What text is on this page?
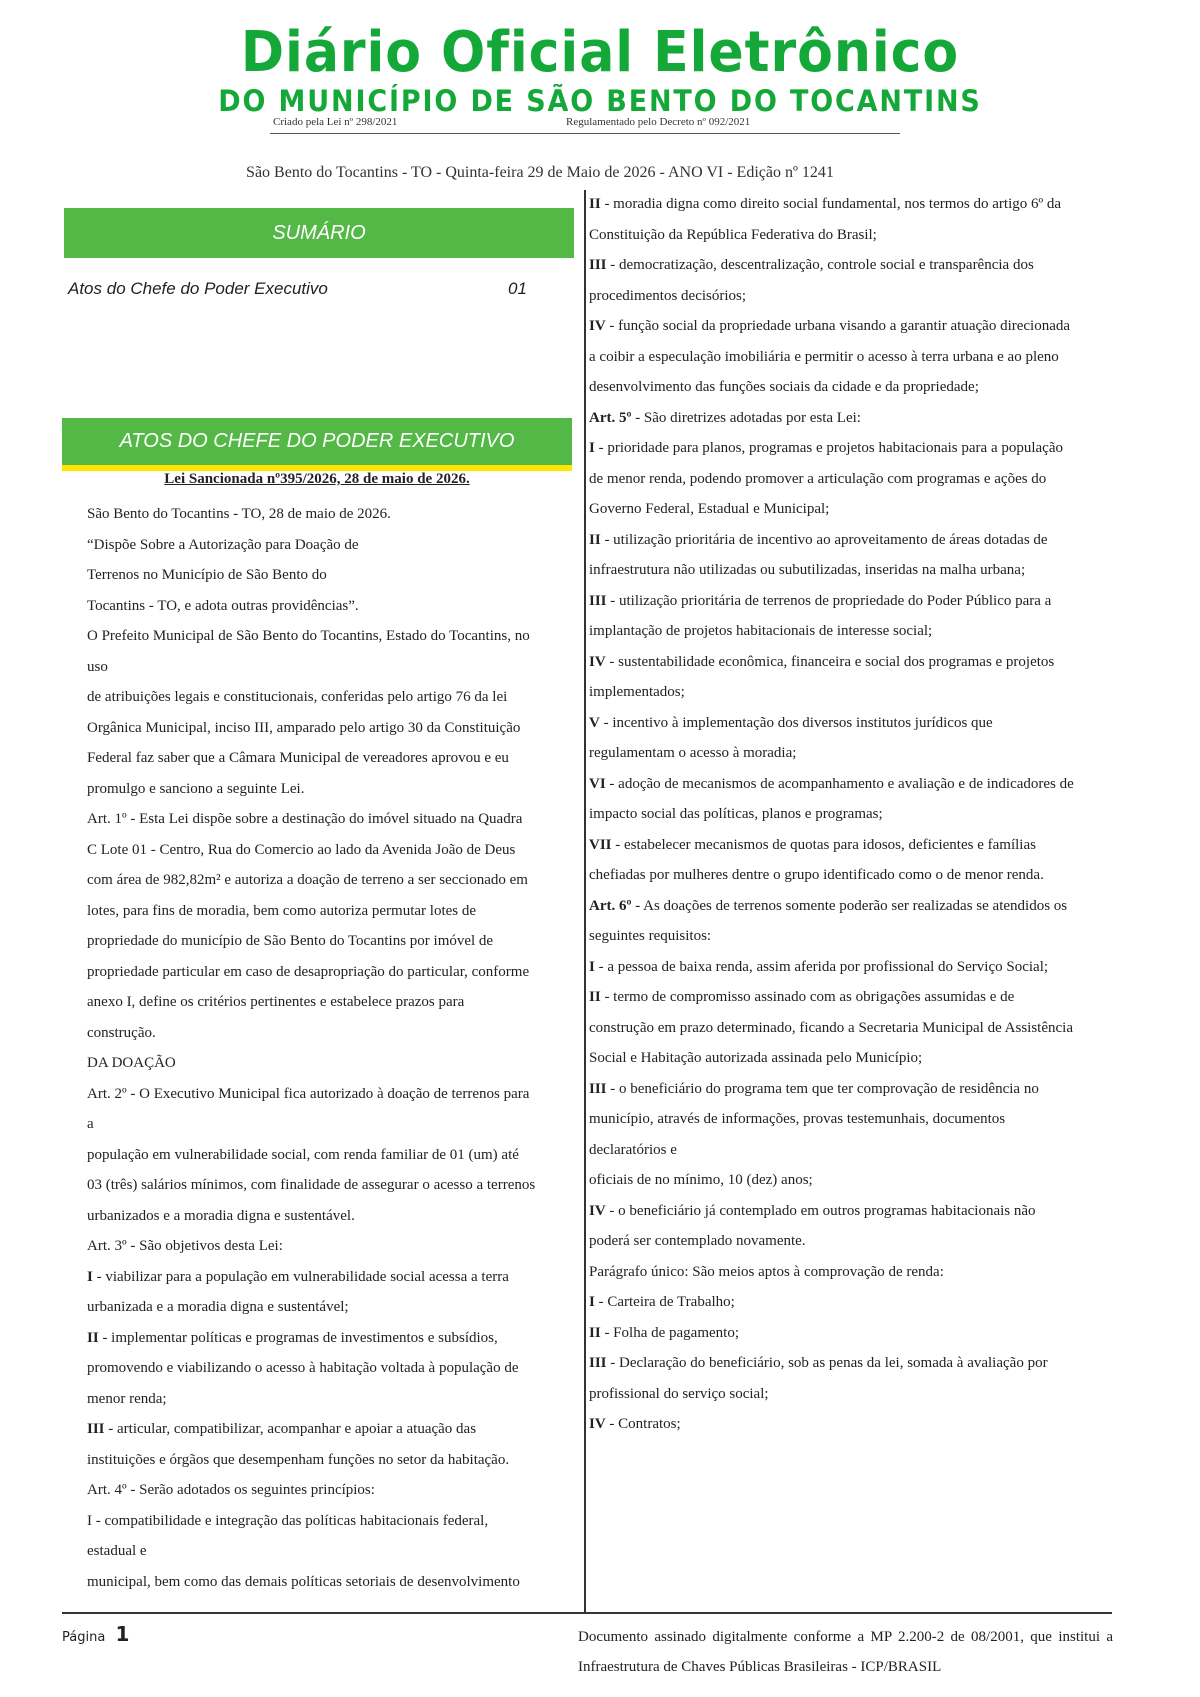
Diário Oficial Eletrônico
DO MUNICÍPIO DE SÃO BENTO DO TOCANTINS
Criado pela Lei nº 298/2021	Regulamentado pelo Decreto nº 092/2021
São Bento do Tocantins - TO - Quinta-feira 29 de Maio de 2026 - ANO VI - Edição nº 1241
SUMÁRIO
Atos do Chefe do Poder Executivo	01
ATOS DO CHEFE DO PODER EXECUTIVO
Lei Sancionada nº395/2026, 28 de maio de 2026.
São Bento do Tocantins - TO, 28 de maio de 2026.
“Dispõe Sobre a Autorização para Doação de
Terrenos no Município de São Bento do
Tocantins - TO, e adota outras providências”.
O Prefeito Municipal de São Bento do Tocantins, Estado do Tocantins, no
uso
de atribuições legais e constitucionais, conferidas pelo artigo 76 da lei
Orgânica Municipal, inciso III, amparado pelo artigo 30 da Constituição
Federal faz saber que a Câmara Municipal de vereadores aprovou e eu
promulgo e sanciono a seguinte Lei.
Art. 1º - Esta Lei dispõe sobre a destinação do imóvel situado na Quadra
C Lote 01 - Centro, Rua do Comercio ao lado da Avenida João de Deus
com área de 982,82m² e autoriza a doação de terreno a ser seccionado em
lotes, para fins de moradia, bem como autoriza permutar lotes de
propriedade do município de São Bento do Tocantins por imóvel de
propriedade particular em caso de desapropriação do particular, conforme
anexo I, define os critérios pertinentes e estabelece prazos para
construção.
DA DOAÇÃO
Art. 2º - O Executivo Municipal fica autorizado à doação de terrenos para
a
população em vulnerabilidade social, com renda familiar de 01 (um) até
03 (três) salários mínimos, com finalidade de assegurar o acesso a terrenos
urbanizados e a moradia digna e sustentável.
Art. 3º - São objetivos desta Lei:
I - viabilizar para a população em vulnerabilidade social acessa a terra
urbanizada e a moradia digna e sustentável;
II - implementar políticas e programas de investimentos e subsídios,
promovendo e viabilizando o acesso à habitação voltada à população de
menor renda;
III - articular, compatibilizar, acompanhar e apoiar a atuação das
instituições e órgãos que desempenham funções no setor da habitação.
Art. 4º - Serão adotados os seguintes princípios:
I - compatibilidade e integração das políticas habitacionais federal,
estadual e
municipal, bem como das demais políticas setoriais de desenvolvimento
II - moradia digna como direito social fundamental, nos termos do artigo 6º da
Constituição da República Federativa do Brasil;
III - democratização, descentralização, controle social e transparência dos
procedimentos decisórios;
IV - função social da propriedade urbana visando a garantir atuação direcionada
a coibir a especulação imobiliária e permitir o acesso à terra urbana e ao pleno
desenvolvimento das funções sociais da cidade e da propriedade;
Art. 5º - São diretrizes adotadas por esta Lei:
I - prioridade para planos, programas e projetos habitacionais para a população
de menor renda, podendo promover a articulação com programas e ações do
Governo Federal, Estadual e Municipal;
II - utilização prioritária de incentivo ao aproveitamento de áreas dotadas de
infraestrutura não utilizadas ou subutilizadas, inseridas na malha urbana;
III - utilização prioritária de terrenos de propriedade do Poder Público para a
implantação de projetos habitacionais de interesse social;
IV - sustentabilidade econômica, financeira e social dos programas e projetos
implementados;
V - incentivo à implementação dos diversos institutos jurídicos que
regulamentam o acesso à moradia;
VI - adoção de mecanismos de acompanhamento e avaliação e de indicadores de
impacto social das políticas, planos e programas;
VII - estabelecer mecanismos de quotas para idosos, deficientes e famílias
chefiadas por mulheres dentre o grupo identificado como o de menor renda.
Art. 6º - As doações de terrenos somente poderão ser realizadas se atendidos os
seguintes requisitos:
I - a pessoa de baixa renda, assim aferida por profissional do Serviço Social;
II - termo de compromisso assinado com as obrigações assumidas e de
construção em prazo determinado, ficando a Secretaria Municipal de Assistência
Social e Habitação autorizada assinada pelo Município;
III - o beneficiário do programa tem que ter comprovação de residência no
município, através de informações, provas testemunhais, documentos
declaratórios e
oficiais de no mínimo, 10 (dez) anos;
IV - o beneficiário já contemplado em outros programas habitacionais não
poderá ser contemplado novamente.
Parágrafo único: São meios aptos à comprovação de renda:
I - Carteira de Trabalho;
II - Folha de pagamento;
III - Declaração do beneficiário, sob as penas da lei, somada à avaliação por
profissional do serviço social;
IV - Contratos;
Página 1	Documento assinado digitalmente conforme a MP 2.200-2 de 08/2001, que institui a Infraestrutura de Chaves Públicas Brasileiras - ICP/BRASIL
